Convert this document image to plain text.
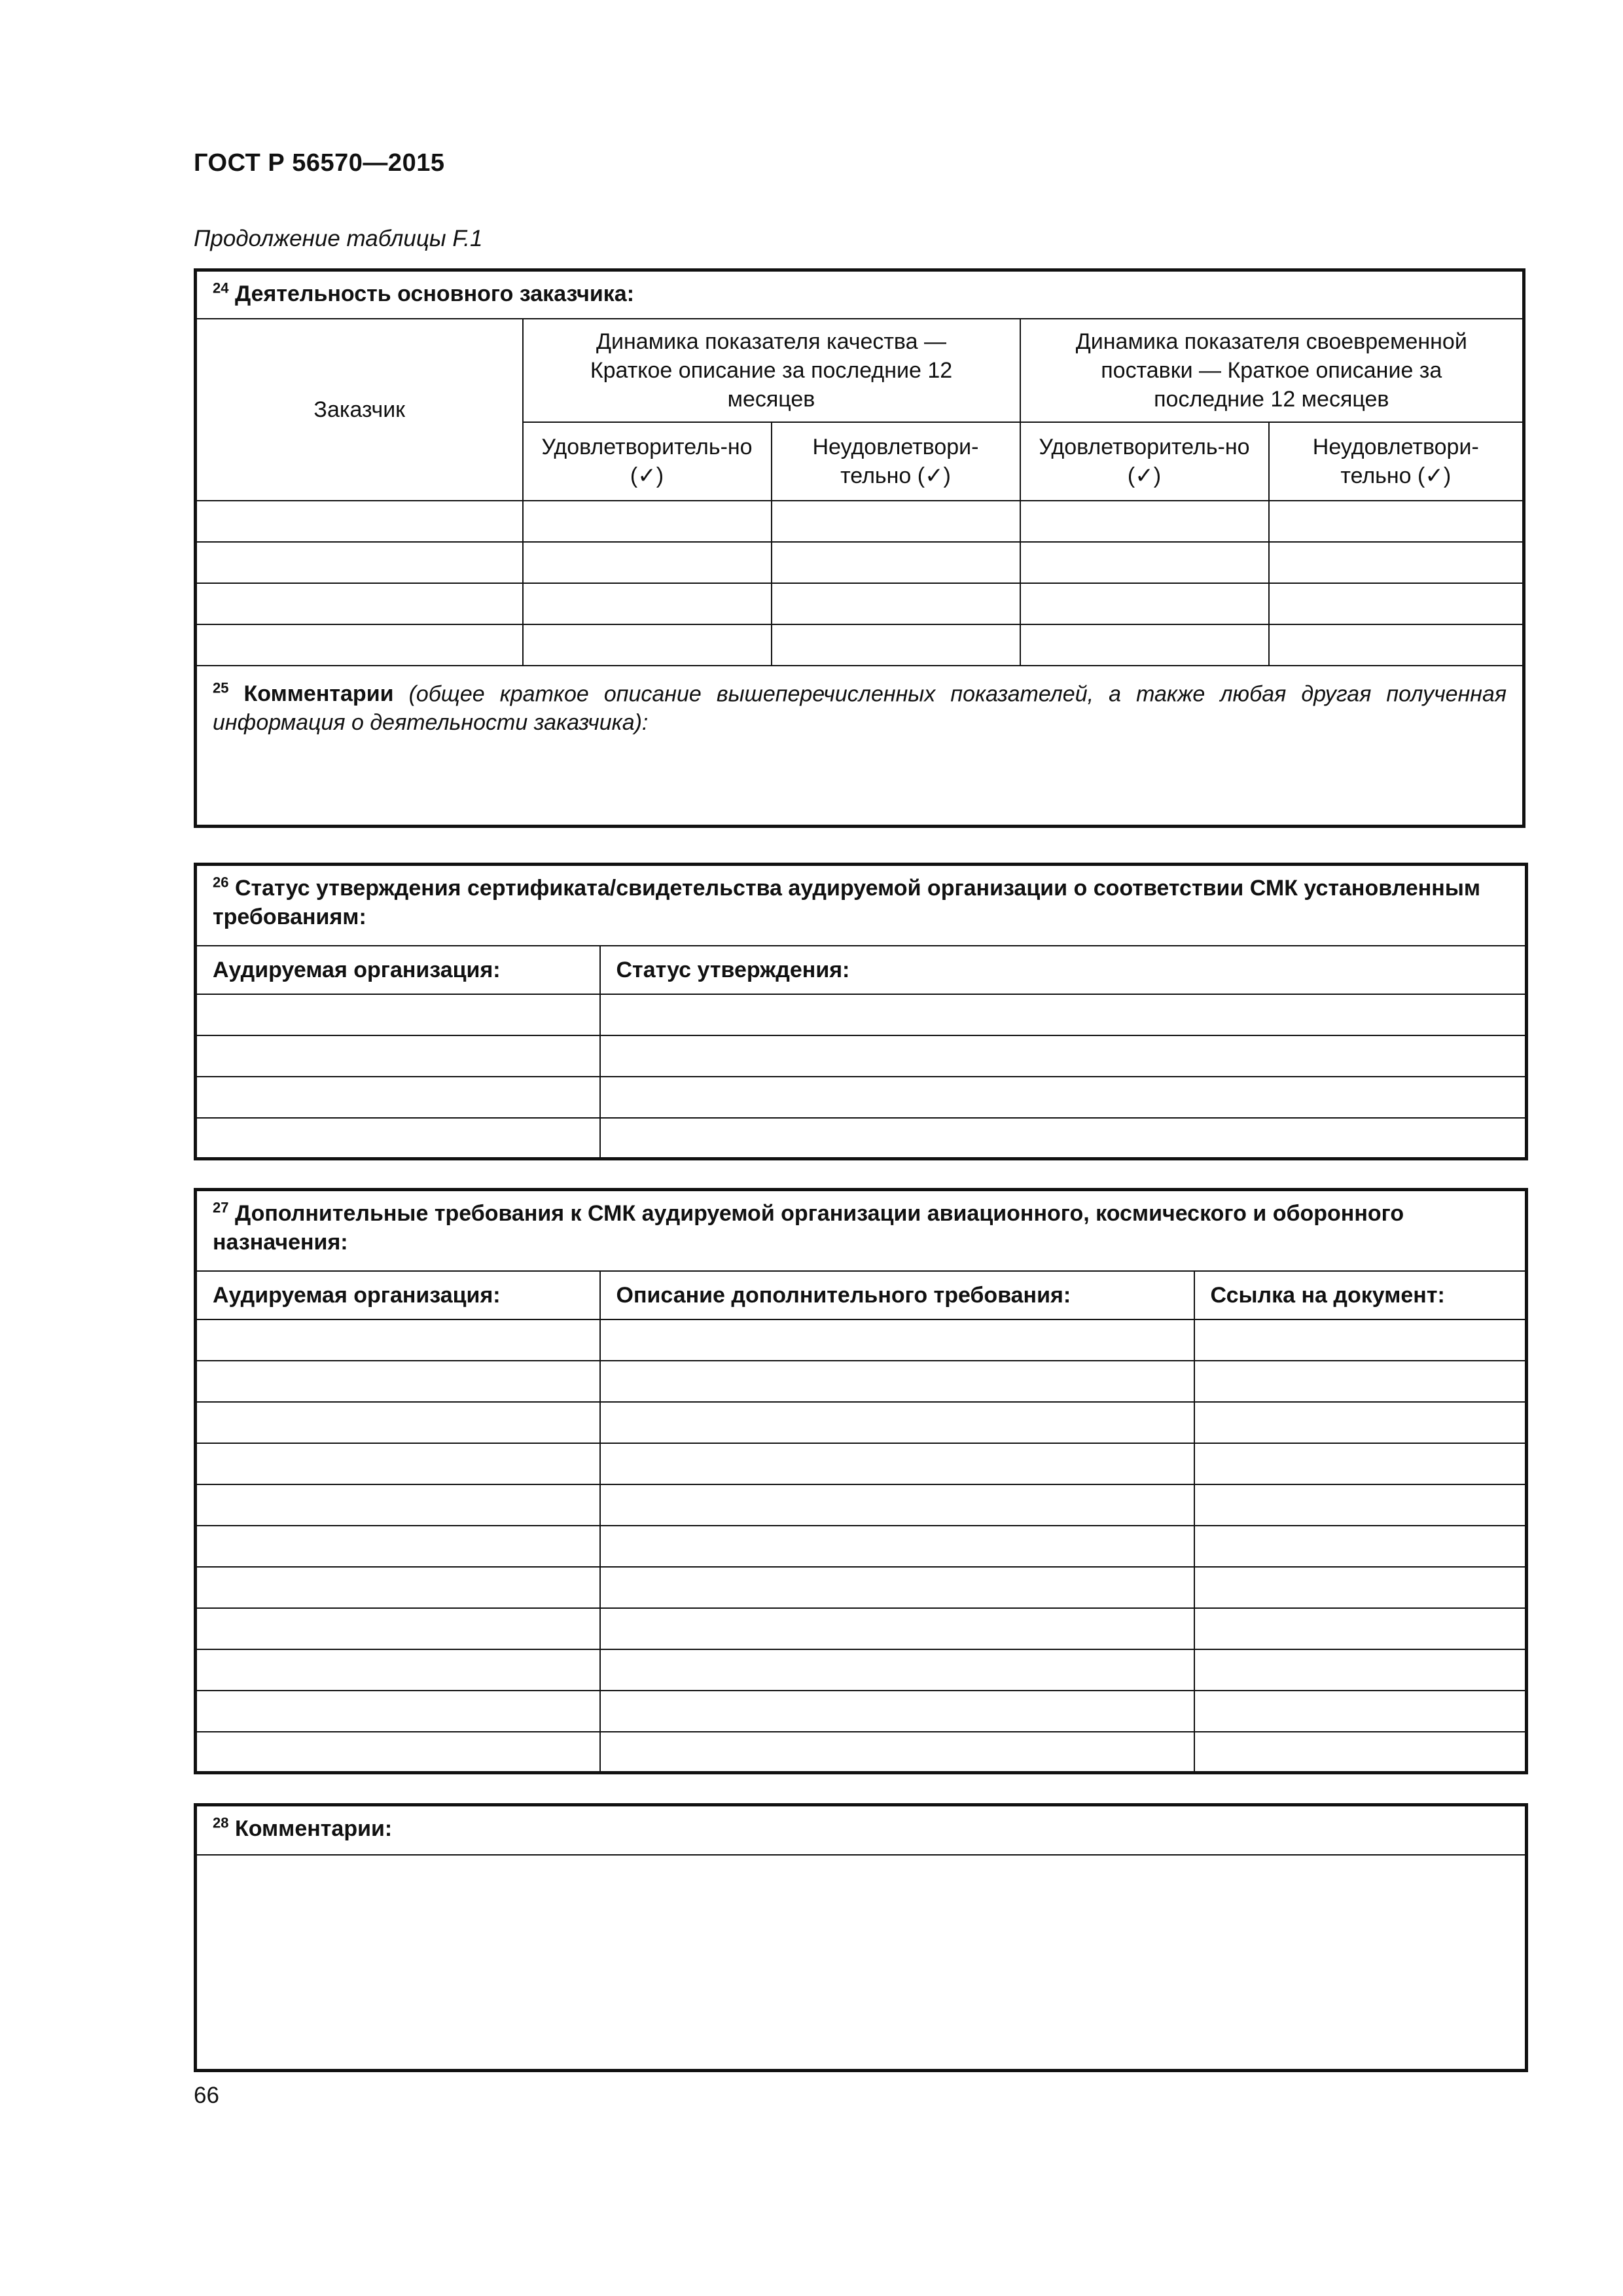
ГОСТ Р 56570—2015
Продолжение таблицы F.1
$^{24}$ Деятельность основного заказчика:				
Заказчик	Динамика показателя качества — Краткое описание за последние 12 месяцев		Динамика показателя своевременной поставки — Краткое описание за последние 12 месяцев	
	Удовлетворитель-но (✓)	Неудовлетвори-тельно (✓)	Удовлетворитель-но (✓)	Неудовлетвори-тельно (✓)

$^{25}$ Комментарии (общее краткое описание вышеперечисленных показателей, а также любая другая полученная информация о деятельности заказчика):				
$^{26}$ Статус утверждения сертификата/свидетельства аудируемой организации о соответствии СМК установленным требованиям:	
Аудируемая организация:	Статус утверждения:

$^{27}$ Дополнительные требования к СМК аудируемой организации авиационного, космического и оборонного назначения:		
Аудируемая организация:	Описание дополнительного требования:	Ссылка на документ:

$^{28}$ Комментарии:

66
